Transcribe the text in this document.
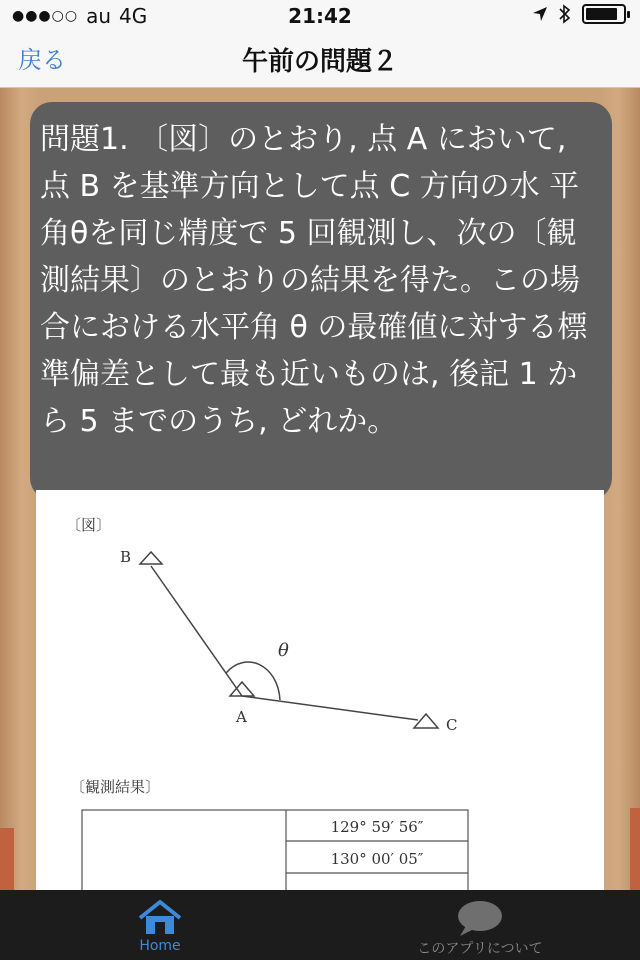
●●●○○ au 4G	21:42
午前の問題２
戻る
問題1. 〔図〕のとおり, 点 A において, 点 B を基準方向として点 C 方向の水 平角θを同じ精度で 5 回観測し、次の〔観測結果〕のとおりの結果を得た。この場 合における水平角 θ の最確値に対する標準偏差として最も近いものは, 後記 1 か ら 5 までのうち, どれか。
〔図〕
B
A	C
θ
〔観測結果〕
129° 59′ 56″
130° 00′ 05″
Home	このアプリについて
